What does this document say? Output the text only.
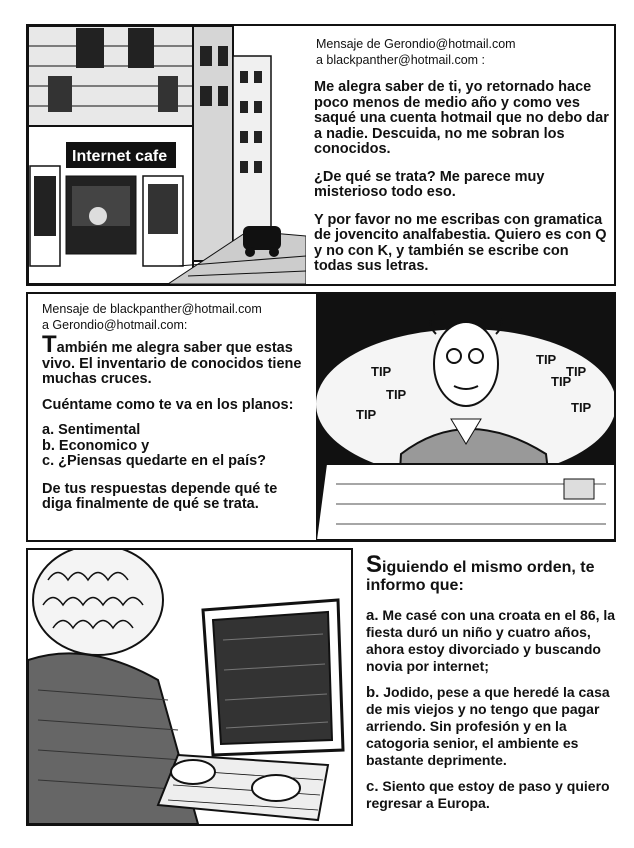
Internet cafe
Mensaje de Gerondio@hotmail.com
a blackpanther@hotmail.com :

Me alegra saber de ti, yo retornado hace poco menos de medio año y como ves saqué una cuenta hotmail que no debo dar a nadie. Descuida, no me sobran los conocidos.

¿De qué se trata? Me parece muy misterioso todo eso.

Y por favor no me escribas con gramatica de jovencito analfabestia. Quiero es con Q y no con K, y también se escribe con todas sus letras.

TIP
TIP
TIP
TIP
TIP
TIP
TIP
Mensaje de blackpanther@hotmail.com
a Gerondio@hotmail.com:

También me alegra saber que estas vivo. El inventario de conocidos tiene muchas cruces.

Cuéntame como te va en los planos:

a. Sentimental
b. Economico y
c. ¿Piensas quedarte en el país?

De tus respuestas depende qué te diga finalmente de qué se trata.

Siguiendo el mismo orden, te informo que:

a. Me casé con una croata en el 86, la fiesta duró un niño y cuatro años, ahora estoy divorciado y buscando novia por internet;

b. Jodido, pese a que heredé la casa de mis viejos y no tengo que pagar arriendo. Sin profesión y en la catogoria senior, el ambiente es bastante deprimente.

c. Siento que estoy de paso y quiero regresar a Europa.
